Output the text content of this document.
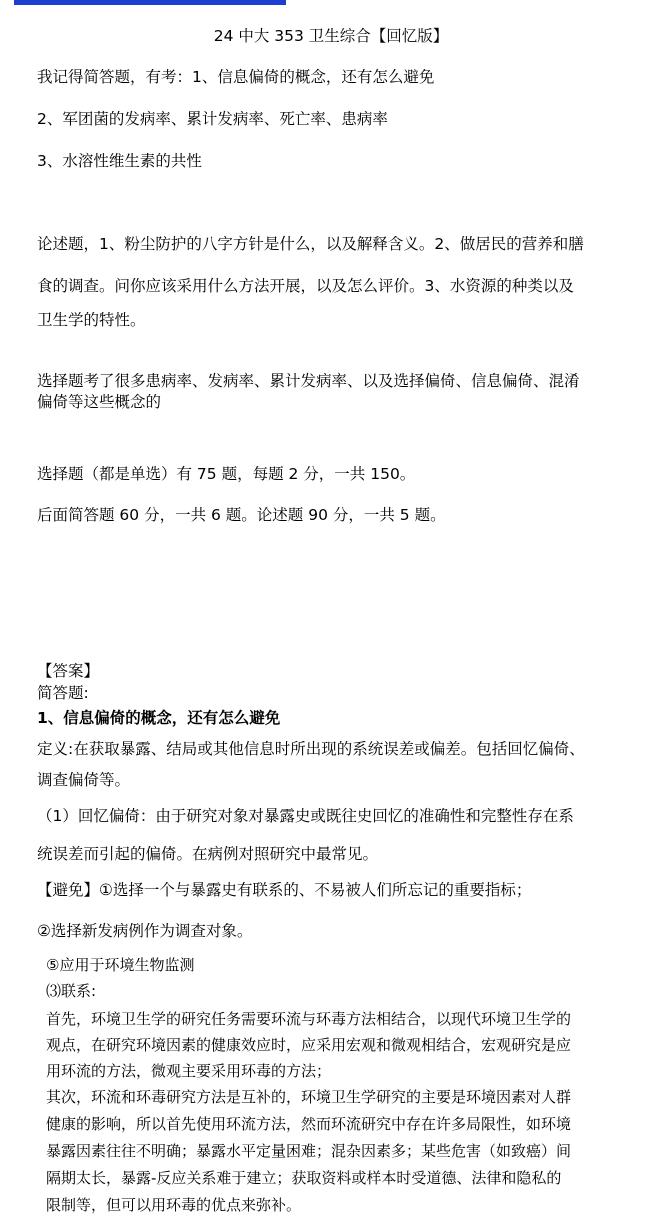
24 中大 353 卫生综合【回忆版】
我记得简答题，有考：1、信息偏倚的概念，还有怎么避免
2、军团菌的发病率、累计发病率、死亡率、患病率
3、水溶性维生素的共性
论述题，1、粉尘防护的八字方针是什么，以及解释含义。2、做居民的营养和膳
食的调查。问你应该采用什么方法开展，以及怎么评价。3、水资源的种类以及
卫生学的特性。
选择题考了很多患病率、发病率、累计发病率、以及选择偏倚、信息偏倚、混淆
偏倚等这些概念的
选择题（都是单选）有 75 题，每题 2 分，一共 150。
后面简答题 60 分，一共 6 题。论述题 90 分，一共 5 题。
【答案】
简答题:
1、信息偏倚的概念，还有怎么避免
定义:在获取暴露、结局或其他信息时所出现的系统误差或偏差。包括回忆偏倚、
调查偏倚等。
（1）回忆偏倚：由于研究对象对暴露史或既往史回忆的准确性和完整性存在系
统误差而引起的偏倚。在病例对照研究中最常见。
【避免】①选择一个与暴露史有联系的、不易被人们所忘记的重要指标；
②选择新发病例作为调查对象。
⑤应用于环境生物监测
⑶联系:
首先，环境卫生学的研究任务需要环流与环毒方法相结合，以现代环境卫生学的
观点，在研究环境因素的健康效应时，应采用宏观和微观相结合，宏观研究是应
用环流的方法，微观主要采用环毒的方法；
其次，环流和环毒研究方法是互补的，环境卫生学研究的主要是环境因素对人群
健康的影响，所以首先使用环流方法，然而环流研究中存在许多局限性，如环境
暴露因素往往不明确；暴露水平定量困难；混杂因素多；某些危害（如致癌）间
隔期太长，暴露-反应关系难于建立；获取资料或样本时受道德、法律和隐私的
限制等，但可以用环毒的优点来弥补。
